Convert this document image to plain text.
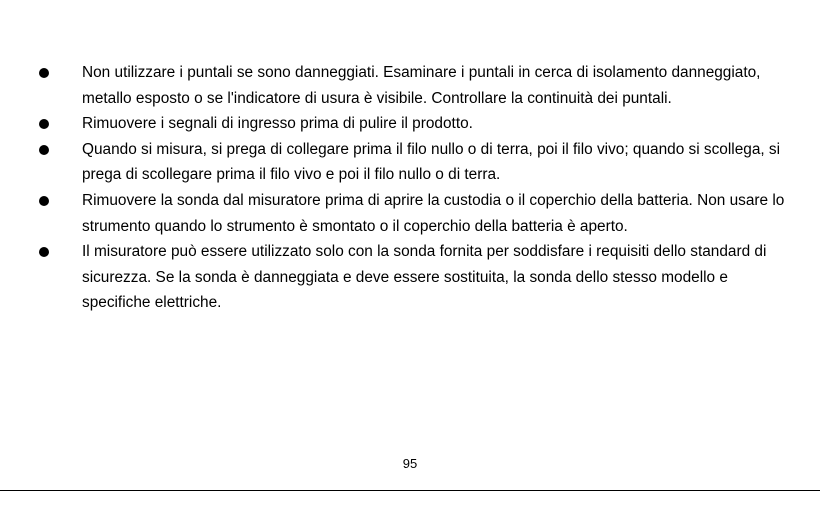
Non utilizzare i puntali se sono danneggiati. Esaminare i puntali in cerca di isolamento danneggiato, metallo esposto o se l'indicatore di usura è visibile. Controllare la continuità dei puntali.
Rimuovere i segnali di ingresso prima di pulire il prodotto.
Quando si misura, si prega di collegare prima il filo nullo o di terra, poi il filo vivo; quando si scollega, si prega di scollegare prima il filo vivo e poi il filo nullo o di terra.
Rimuovere la sonda dal misuratore prima di aprire la custodia o il coperchio della batteria. Non usare lo strumento quando lo strumento è smontato o il coperchio della batteria è aperto.
Il misuratore può essere utilizzato solo con la sonda fornita per soddisfare i requisiti dello standard di sicurezza. Se la sonda è danneggiata e deve essere sostituita, la sonda dello stesso modello e specifiche elettriche.
95
